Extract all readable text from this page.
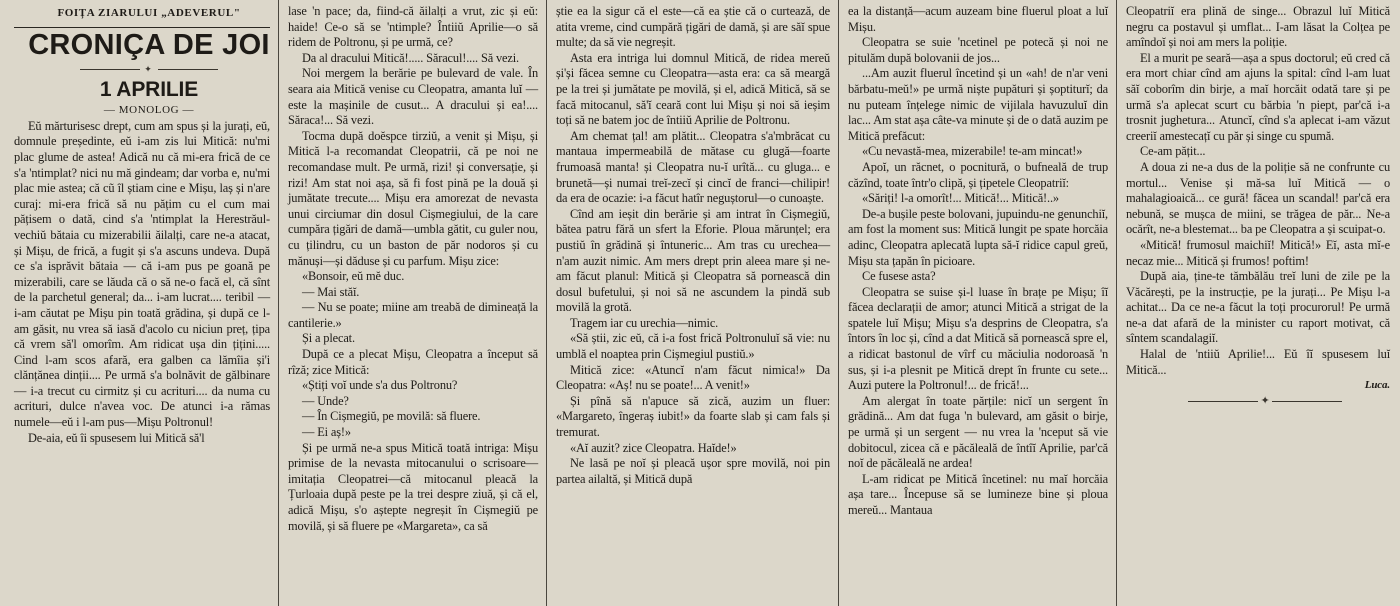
FOIȚA ZIARULUI „ADEVERUL"

CRONIÇA DE JOI

✦

1 APRILIE

— MONOLOG —

Eŭ mărturisesc drept, cum am spus și la jurați, eŭ, domnule președinte, eŭ i-am zis lui Mitică: nu'mi plac glume de astea! Adică nu că mi-era frică de ce s'a 'ntimplat? nici nu mă gindeam; dar vorba e, nu'mi plac mie astea; că cũ îl știam cine e Mișu, laș și n'are curaj: mi-era frică să nu pățim cu el cum mai pățisem o dată, cind s'a 'ntimplat la Herestrăul-vechiŭ bătaia cu mizerabilii ăilalți, care ne-a atacat, și Mișu, de frică, a fugit și s'a ascuns undeva. După ce s'a isprăvit bătaia — că i-am pus pe goană pe mizerabili, care se lăuda că o să ne-o facă el, că sînt de la parchetul general; da... i-am lucrat.... teribil — i-am căutat pe Mișu pin toată grădina, și după ce l-am găsit, nu vrea să iasă d'acolo cu niciun preț, țipa că vrem să'l omorîm. Am ridicat ușa din țițini..... Cind l-am scos afară, era galben ca lămîia și'i clănțănea dinții.... Pe urmă s'a bolnăvit de gălbinare — i-a trecut cu cirmitz și cu acrituri.... da numa cu acrituri, dulce n'avea voc. De atunci i-a rămas numele—eŭ i l-am pus—Mișu Poltronul!

De-aia, eŭ îi spusesem lui Mitică să'l

lase 'n pace; da, fiind-că ăilalți a vrut, zic și eŭ: haide! Ce-o să se 'ntimple? Întiiŭ Aprilie—o să ridem de Poltronu, și pe urmă, ce?

Da al dracului Mitică!..... Săracul!.... Să vezi.

Noi mergem la berărie pe bulevard de vale. În searа aia Mitică venise cu Cleopatra, amanta luĭ — este la mașinile de cusut... A dracului și ea!.... Săraca!... Să vezi.

Tocma după doĕspce tirziŭ, a venit și Mișu, și Mitică l-a recomandat Cleopatrii, că pe noi ne recomandase mult. Pe urmă, rizi! și conversație, și rizi! Am stat noi așa, să fi fost pină pe la două și jumătate trecute.... Mișu era amorezat de nevasta unui circiumar din dosul Cișmegiului, de la care cumpăra țigări de damă—umbla gătit, cu guler nou, cu țilindru, cu un baston de păr nodoros și cu mănuși—și dăduse și cu parfum. Mișu zice:

«Bonsoir, eŭ mĕ duc.

— Mai stăĭ.

— Nu se poate; miine am treabă de dimineață la cantilerie.»

Și a plecat.

După ce a plecat Mișu, Cleopatra a început să rîză; zice Mitică:

«Știți voĭ unde s'a dus Poltronu?

— Unde?

— În Cișmegiŭ, pe movilă: să fluere.

— Ei aș!»

Și pe urmă ne-a spus Mitică toată intriga: Mișu primise de la nevasta mitocanului o scrisoare—imitația Cleopatrei—că mitocanul pleacă la Țurloaia după peste pe la trei despre ziuă, și că el, adică Mișu, s'o aștepte negreșit în Cișmegiŭ pe movilă, și să fluere pe «Margareta», ca să

știe ea la sigur că el este—că ea știe că o curtează, de atita vreme, cind cumpără țigări de damă, și are săĭ spue multe; da să vie negreșit.

Asta era intriga lui domnul Mitică, de ridea mereŭ și'și făcea semne cu Cleopatra—asta era: ca să meargă pe la trei și jumătate pe movilă, și el, adică Mitică, să se facă mitocanul, să'ĭ ceară cont lui Mișu și noi să ieșim toți să ne batem joc de întiiŭ Aprilie de Poltronu.

Am chemat țal! am plătit... Cleopatra s'a'mbrăcat cu mantaua impermeabilă de mătase cu glugă—foarte frumoasă manta! și Cleopatra nu-ĭ urîtă... cu gluga... e brunetă—și numai treĭ-zecĭ și cincĭ de franci—chilipir! da era de ocazie: i-a făcut hatîr neguștorul—o cunoaște.

Cînd am ieșit din berărie și am intrat în Cișmegiŭ, bătea patru fără un sfert la Eforie. Ploua mărunțel; era pustiŭ în grădină și întuneric... Am tras cu urechea—n'am auzit nimic. Am mers drept prin aleea mare și ne-am făcut planul: Mitică și Cleopatra să pornească din dosul bufetului, și noi să ne ascundem la pindă sub movilă la grotă.

Tragem iar cu urechia—nimic.

«Să știi, zic eŭ, că i-a fost frică Poltronuluĭ să vie: nu umblă el noaptea prin Cișmegiul pustiŭ.»

Mitică zice: «Atuncĭ n'am făcut nimica!» Da Cleopatra: «Aș! nu se poate!... A venit!»

Și pînă să n'apuce să zică, auzim un fluer: «Margareto, îngeraș iubit!» da foarte slab și cam fals și tremurat.

«Aĭ auzit? zice Cleopatra. Haĭde!»

Ne lasă pe noĭ și pleacă ușor spre movilă, noi pin partea ailaltă, și Mitică după

ea la distanță—acum auzeam bine fluerul ploat a luĭ Mișu.

Cleopatra se suie 'ncetinel pe potecă și noi ne pitulăm după bolovanii de jos...

...Am auzit fluerul încetind și un «ah! de n'ar veni bărbatu-meŭ!» pe urmă niște pupături și șoptiturĭ; da nu puteam înțelege nimic de vijilala havuzuluĭ din lac... Am stat așa câte-va minute și de o dată auzim pe Mitică prefăcut:

«Cu nevastă-mea, mizerabile! te-am mincat!»

Apoĭ, un răcnet, o pocnitură, o bufneală de trup căzînd, toate într'o clipă, și țipetele Cleopatriĭ:

«Săriți! l-a omorît!... Mitică!... Mitică!..»

De-a bușile peste bolovani, jupuindu-ne genunchiĭ, am fost la moment sus: Mitică lungit pe spate horcăia adinc, Cleopatra aplecată lupta să-ĭ ridice capul greŭ, Mișu sta țapăn în picioare.

Ce fusese asta?

Cleopatra se suise și-l luase în brațe pe Mișu; îĭ făcea declarații de amor; atunci Mitică a strigat de la spatele luĭ Mișu; Mișu s'a desprins de Cleopatra, s'a întors în loc și, cînd a dat Mitică să pornească spre el, a ridicat bastonul de vîrf cu măciulia nodoroasă 'n sus, și i-a plesnit pe Mitică drept în frunte cu sete... Auzi putere la Poltronul!... de frică!...

Am alergat în toate părțile: nicĭ un sergent în grădină... Am dat fuga 'n bulevard, am găsit o birje, pe urmă și un sergent — nu vrea la 'nceput să vie dobitocul, zicea că e păcăleală de întîĭ Aprilie, par'că noĭ de păcăleală ne ardea!

L-am ridicat pe Mitică încetinel: nu maĭ horcăia așa tare... Începuse să se lumineze bine și ploua mereŭ... Mantaua

Cleopatriĭ era plină de singe... Obrazul luĭ Mitică negru ca postavul și umflat... I-am lăsat la Colțea pe amîndoĭ și noi am mers la poliție.

El a murit pe seară—așa a spus doctorul; eŭ cred că era mort chiar cînd am ajuns la spital: cînd l-am luat săĭ coborîm din birje, a maĭ horcăit odată tare și pe urmă s'a aplecat scurt cu bărbia 'n piept, par'că i-a trosnit jugheturа... Atuncĭ, cînd s'a aplecat i-am văzut creeriĭ amestecațĭ cu păr și singe cu spumă.

Ce-am pățit...

A doua zi ne-a dus de la poliție să ne confrunte cu mortul... Venise și mă-sa luĭ Mitică — o mahalagioaică... ce gură! făcea un scandal! par'că era nebună, se mușca de miini, se trăgea de păr... Ne-a ocărît, ne-a blestemat... ba pe Cleopatra a și scuipat-o.

«Mitică! frumosul maichiĭ! Mitică!» Eĭ, asta mĭ-e necaz mie... Mitică și frumos! poftim!

După aia, ține-te tămbălău treĭ luni de zile pe la Văcărești, pe la instrucție, pe la jurați... Pe Mișu l-a achitat... Da ce ne-a făcut la toți procurorul! Pe urmă ne-a dat afară de la minister cu raport motivat, că sîntem scandalagiĭ.

Halal de 'ntiiŭ Aprilie!... Eŭ îĭ spusesem luĭ Mitică...

Luca.

✦
